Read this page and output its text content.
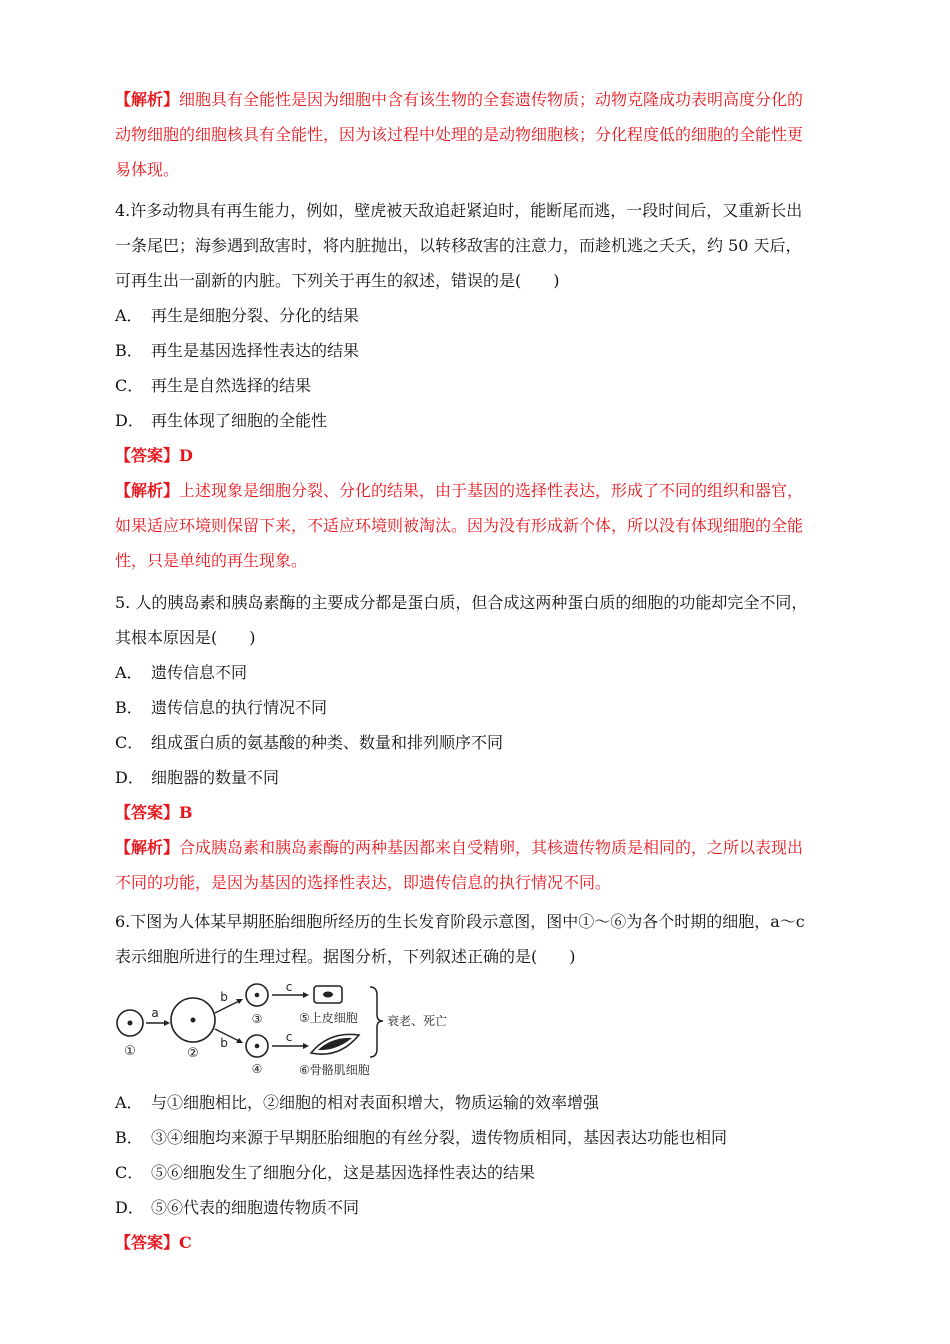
【解析】细胞具有全能性是因为细胞中含有该生物的全套遗传物质；动物克隆成功表明高度分化的
动物细胞的细胞核具有全能性，因为该过程中处理的是动物细胞核；分化程度低的细胞的全能性更
易体现。
4.许多动物具有再生能力，例如，壁虎被天敌追赶紧迫时，能断尾而逃，一段时间后，又重新长出
一条尾巴；海参遇到敌害时，将内脏抛出，以转移敌害的注意力，而趁机逃之夭夭，约 50 天后，
可再生出一副新的内脏。下列关于再生的叙述，错误的是(　　)
A． 再生是细胞分裂、分化的结果
B． 再生是基因选择性表达的结果
C． 再生是自然选择的结果
D． 再生体现了细胞的全能性
【答案】D
【解析】上述现象是细胞分裂、分化的结果，由于基因的选择性表达，形成了不同的组织和器官，
如果适应环境则保留下来，不适应环境则被淘汰。因为没有形成新个体，所以没有体现细胞的全能
性，只是单纯的再生现象。
5. 人的胰岛素和胰岛素酶的主要成分都是蛋白质，但合成这两种蛋白质的细胞的功能却完全不同，
其根本原因是(　　)
A． 遗传信息不同
B． 遗传信息的执行情况不同
C． 组成蛋白质的氨基酸的种类、数量和排列顺序不同
D． 细胞器的数量不同
【答案】B
【解析】合成胰岛素和胰岛素酶的两种基因都来自受精卵，其核遗传物质是相同的，之所以表现出
不同的功能，是因为基因的选择性表达，即遗传信息的执行情况不同。
6.下图为人体某早期胚胎细胞所经历的生长发育阶段示意图，图中①～⑥为各个时期的细胞，a～c
表示细胞所进行的生理过程。据图分析，下列叙述正确的是(　　)
①
a
②
b
b
③
④
c
c
⑤上皮细胞
⑥骨骼肌细胞
衰老、死亡
A． 与①细胞相比，②细胞的相对表面积增大，物质运输的效率增强
B． ③④细胞均来源于早期胚胎细胞的有丝分裂，遗传物质相同，基因表达功能也相同
C． ⑤⑥细胞发生了细胞分化，这是基因选择性表达的结果
D． ⑤⑥代表的细胞遗传物质不同
【答案】C
